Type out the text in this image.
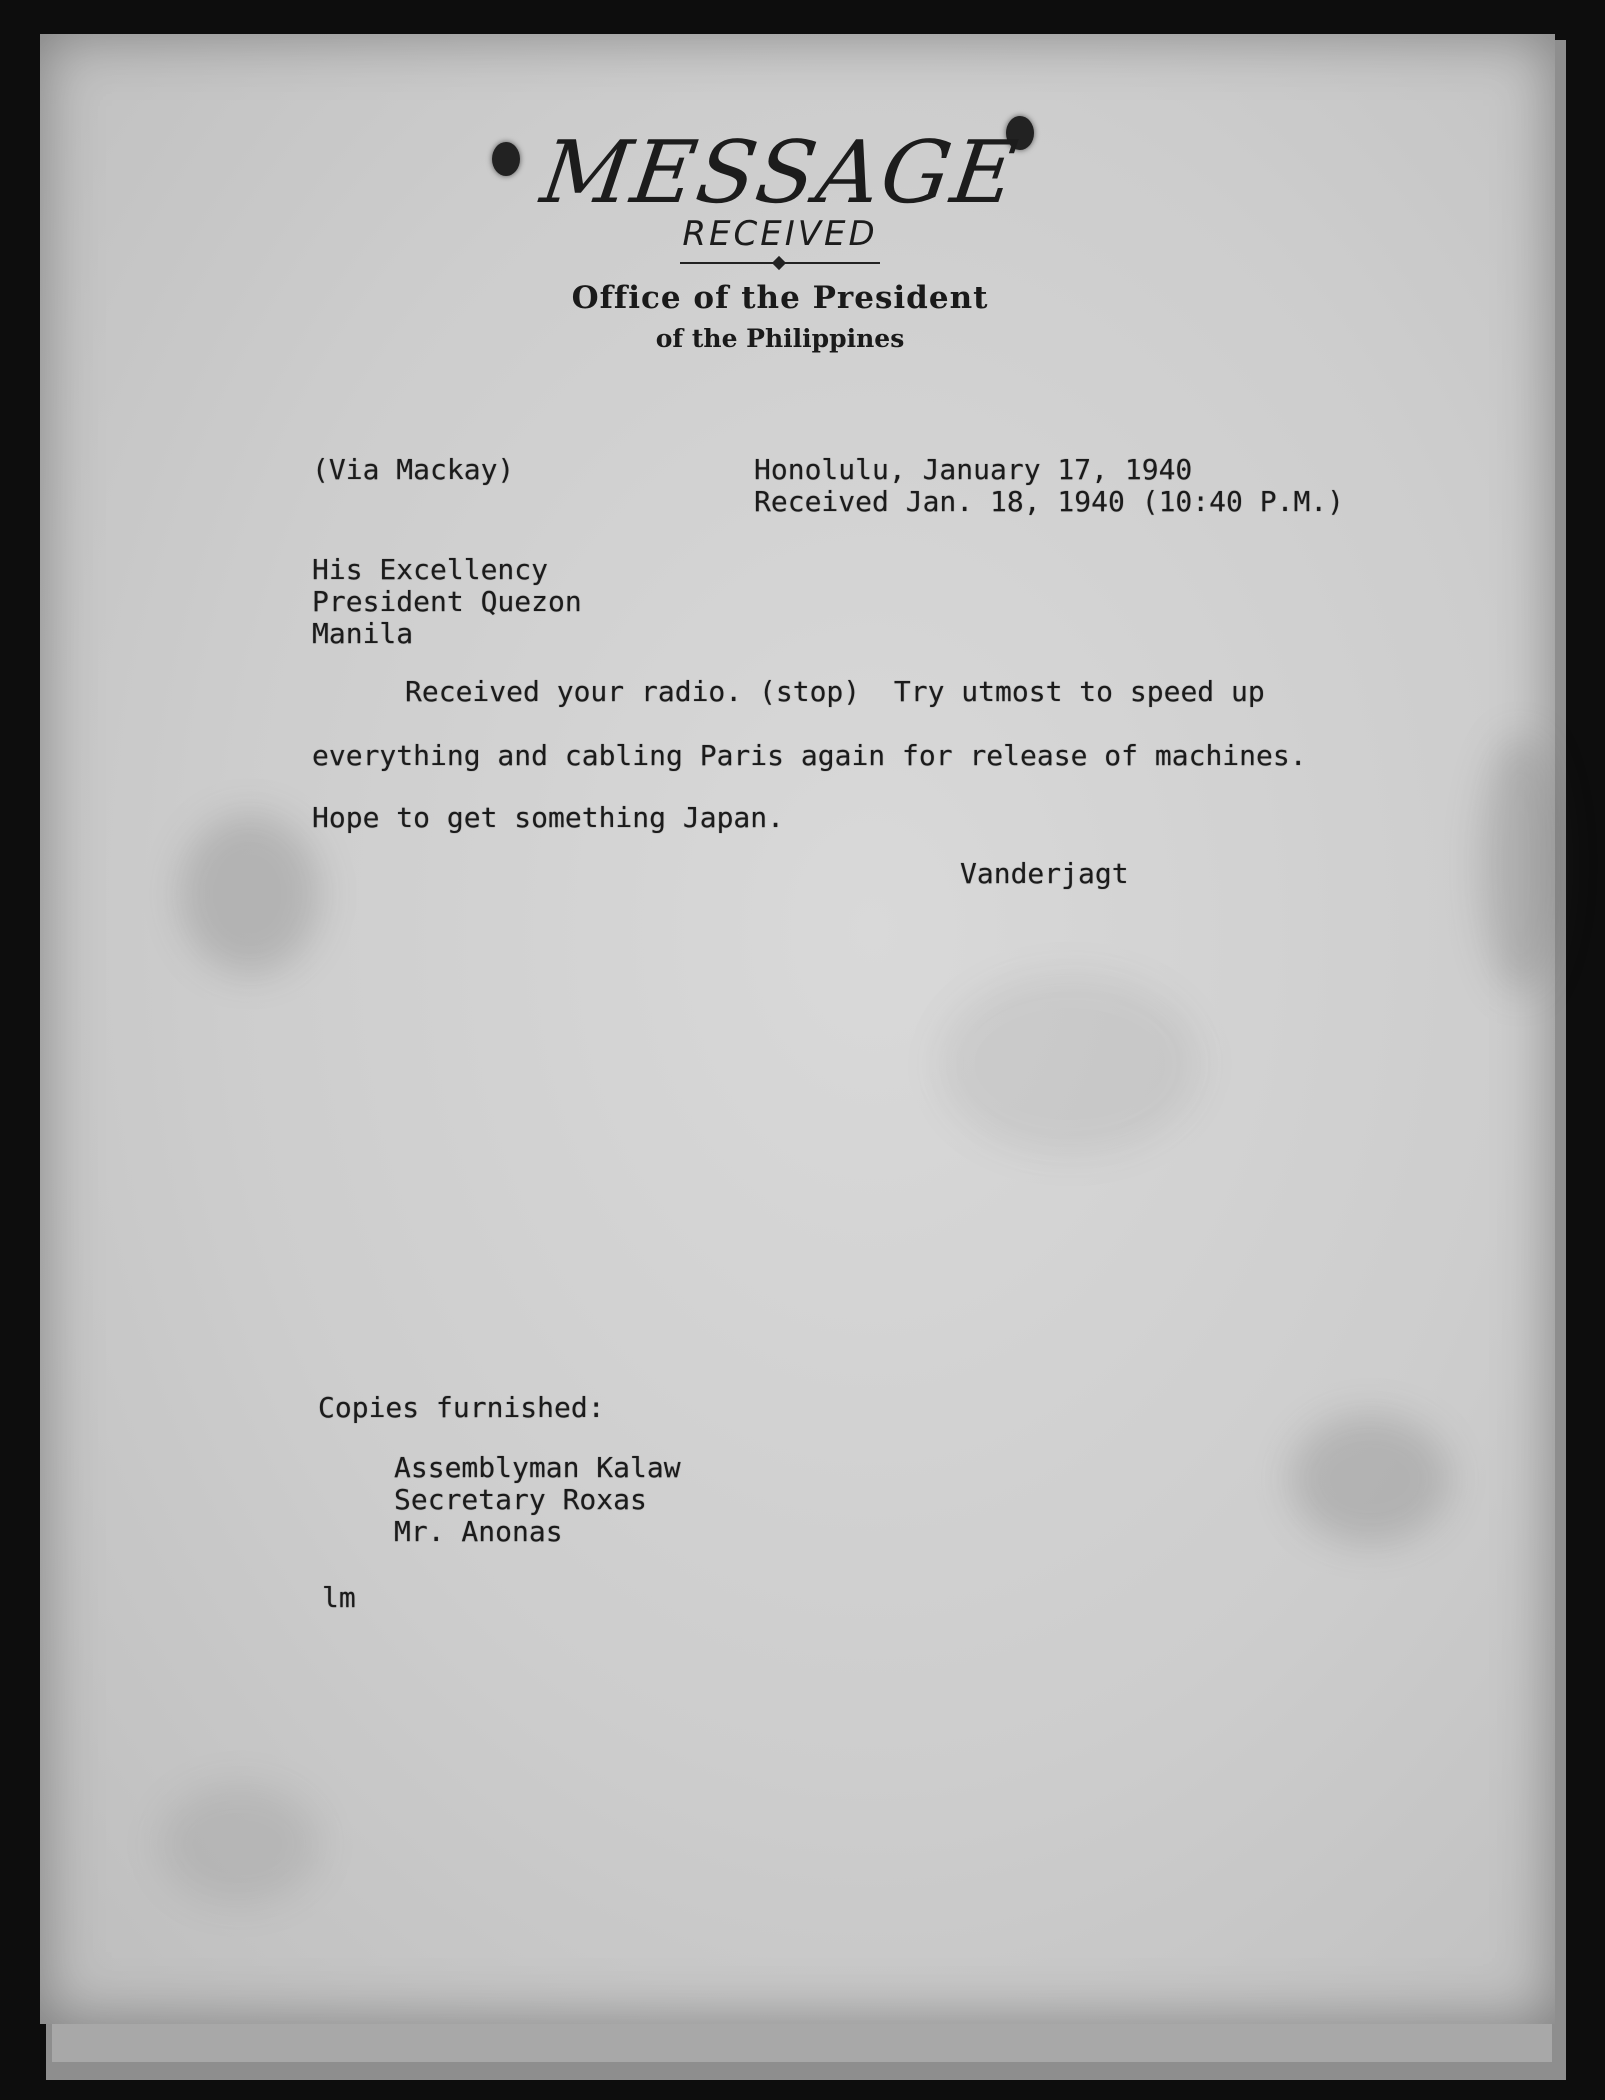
MESSAGE
RECEIVED
Office of the President
of the Philippines
(Via Mackay)	Honolulu, January 17, 1940
Received Jan. 18, 1940 (10:40 P.M.)
His Excellency
President Quezon
Manila
Received your radio. (stop)  Try utmost to speed up
everything and cabling Paris again for release of machines.
Hope to get something Japan.
Vanderjagt
Copies furnished:
Assemblyman Kalaw
Secretary Roxas
Mr. Anonas
lm
